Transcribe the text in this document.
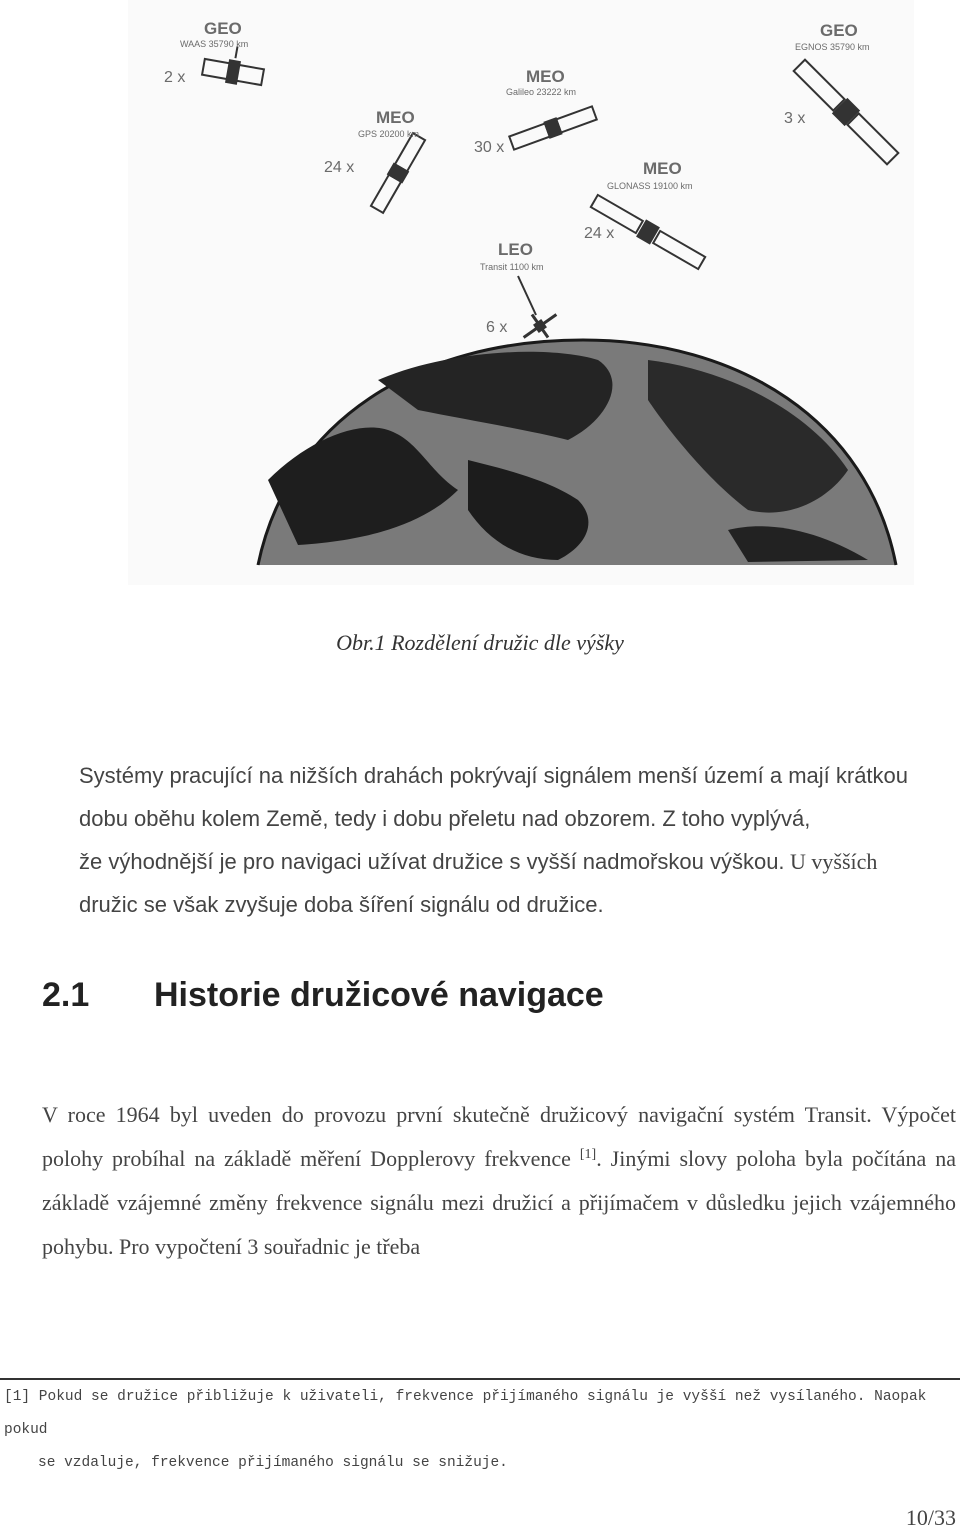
GEO
WAAS 35790 km
2 x	MEO
Galileo 23222 km
30 x
MEO
GPS 20200 km
24 x
GEO
EGNOS 35790 km
3 x
MEO
GLONASS 19100 km
24 x
LEO
Transit 1100 km
6 x
Obr.1 Rozdělení družic dle výšky
Systémy pracující na nižších drahách pokrývají signálem menší území a mají krátkou
dobu oběhu kolem Země, tedy i dobu přeletu nad obzorem. Z toho vyplývá,
že výhodnější je pro navigaci užívat družice s vyšší nadmořskou výškou. U vyšších
družic se však zvyšuje doba šíření signálu od družice.
2.1 Historie družicové navigace
V roce 1964 byl uveden do provozu první skutečně družicový navigační systém Transit. Výpočet polohy probíhal na základě měření Dopplerovy frekvence [1]. Jinými slovy poloha byla počítána na základě vzájemné změny frekvence signálu mezi družicí a přijímačem v důsledku jejich vzájemného pohybu. Pro vypočtení 3 souřadnic je třeba
[1] Pokud se družice přibližuje k uživateli, frekvence přijímaného signálu je vyšší než vysílaného. Naopak pokud
se vzdaluje, frekvence přijímaného signálu se snižuje.
10/33
